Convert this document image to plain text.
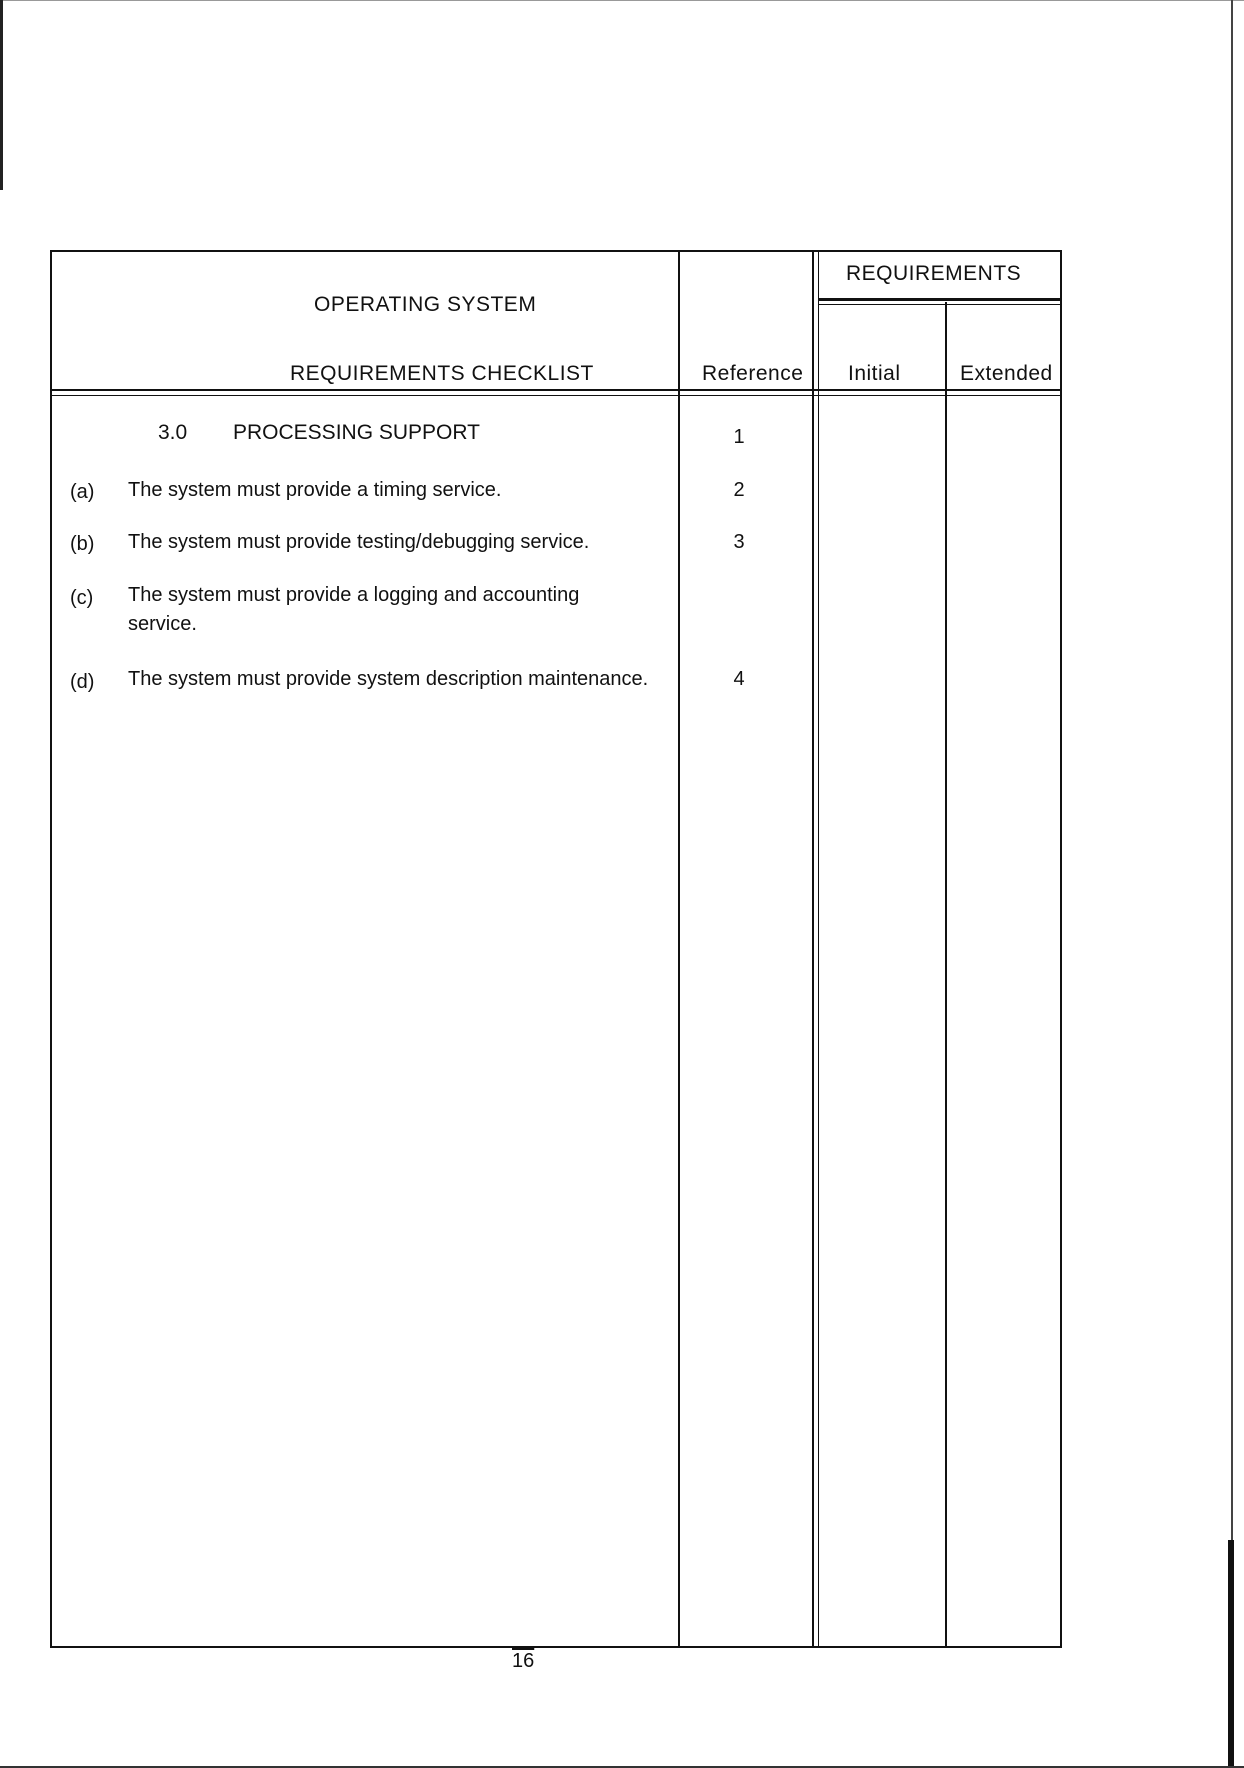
OPERATING SYSTEM
REQUIREMENTS CHECKLIST	Reference
REQUIREMENTS
Initial	Extended
3.0 PROCESSING SUPPORT	1
(a) The system must provide a timing service.	2
(b) The system must provide testing/debugging service.	3
(c) The system must provide a logging and accounting
service.
(d) The system must provide system description maintenance.	4
16
